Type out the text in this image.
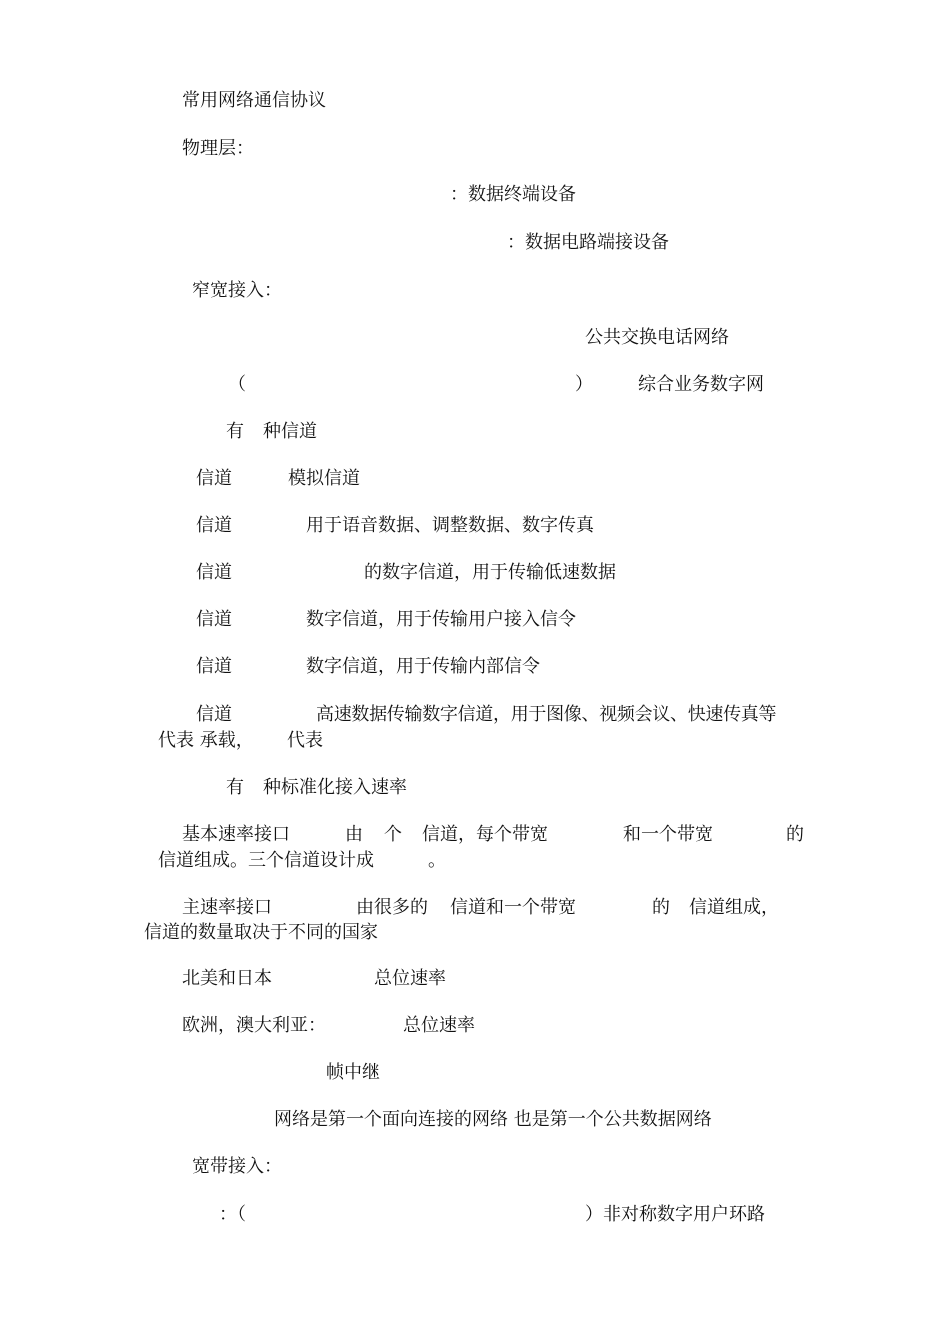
常用网络通信协议
物理层：
：数据终端设备
：数据电路端接设备
窄宽接入：
公共交换电话网络
（	）	综合业务数字网
有 种信道
信道	模拟信道
信道	用于语音数据、调整数据、数字传真
信道	的数字信道，用于传输低速数据
信道	数字信道，用于传输用户接入信令
信道	数字信道，用于传输内部信令
信道	高速数据传输数字信道，用于图像、视频会议、快速传真等
代表 承载， 代表
有 种标准化接入速率
基本速率接口	由 个 信道，每个带宽	和一个带宽	的
信道组成。三个信道设计成	。
主速率接口	由很多的 信道和一个带宽	的 信道组成，
信道的数量取决于不同的国家
北美和日本	总位速率
欧洲，澳大利亚：	总位速率
帧中继
网络是第一个面向连接的网络 也是第一个公共数据网络
宽带接入：
：（	）非对称数字用户环路
